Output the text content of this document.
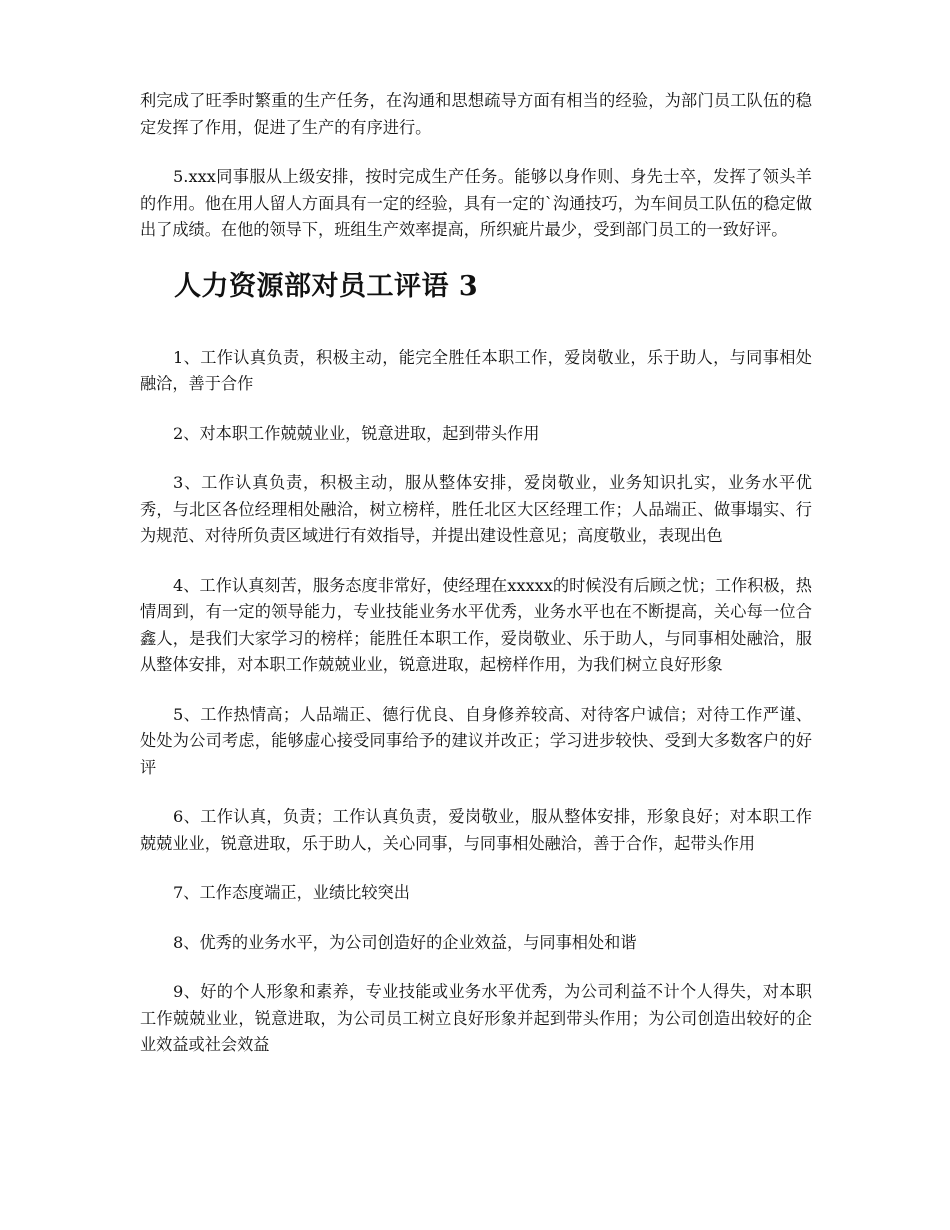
利完成了旺季时繁重的生产任务，在沟通和思想疏导方面有相当的经验，为部门员工队伍的稳定发挥了作用，促进了生产的有序进行。

5.xxx同事服从上级安排，按时完成生产任务。能够以身作则、身先士卒，发挥了领头羊的作用。他在用人留人方面具有一定的经验，具有一定的`沟通技巧，为车间员工队伍的稳定做出了成绩。在他的领导下，班组生产效率提高，所织疵片最少，受到部门员工的一致好评。

人力资源部对员工评语 3

1、工作认真负责，积极主动，能完全胜任本职工作，爱岗敬业，乐于助人，与同事相处融洽，善于合作

2、对本职工作兢兢业业，锐意进取，起到带头作用

3、工作认真负责，积极主动，服从整体安排，爱岗敬业，业务知识扎实，业务水平优秀，与北区各位经理相处融洽，树立榜样，胜任北区大区经理工作；人品端正、做事塌实、行为规范、对待所负责区域进行有效指导，并提出建设性意见；高度敬业，表现出色

4、工作认真刻苦，服务态度非常好，使经理在xxxxx的时候没有后顾之忧；工作积极，热情周到，有一定的领导能力，专业技能业务水平优秀，业务水平也在不断提高，关心每一位合鑫人，是我们大家学习的榜样；能胜任本职工作，爱岗敬业、乐于助人，与同事相处融洽，服从整体安排，对本职工作兢兢业业，锐意进取，起榜样作用，为我们树立良好形象

5、工作热情高；人品端正、德行优良、自身修养较高、对待客户诚信；对待工作严谨、处处为公司考虑，能够虚心接受同事给予的建议并改正；学习进步较快、受到大多数客户的好评

6、工作认真，负责；工作认真负责，爱岗敬业，服从整体安排，形象良好；对本职工作兢兢业业，锐意进取，乐于助人，关心同事，与同事相处融洽，善于合作，起带头作用

7、工作态度端正，业绩比较突出

8、优秀的业务水平，为公司创造好的企业效益，与同事相处和谐

9、好的个人形象和素养，专业技能或业务水平优秀，为公司利益不计个人得失，对本职工作兢兢业业，锐意进取，为公司员工树立良好形象并起到带头作用；为公司创造出较好的企业效益或社会效益
